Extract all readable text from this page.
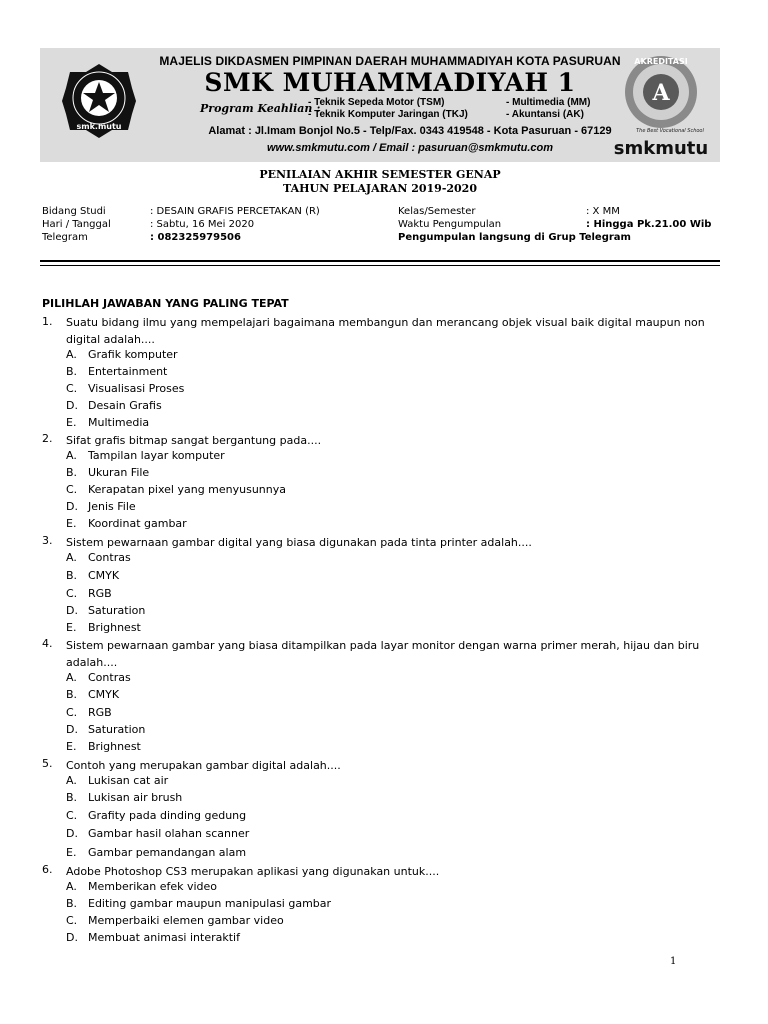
smk.mutu
MAJELIS DIKDASMEN PIMPINAN DAERAH MUHAMMADIYAH KOTA PASURUAN
SMK MUHAMMADIYAH 1
Program Keahlian :
- Teknik Sepeda Motor (TSM)
- Teknik Komputer Jaringan (TKJ)
- Multimedia (MM)
- Akuntansi (AK)
Alamat : Jl.Imam Bonjol No.5 - Telp/Fax. 0343 419548 - Kota Pasuruan - 67129
www.smkmutu.com / Email : pasuruan@smkmutu.com
A
AKREDITASI
The Best Vocational School
smkmutu
PENILAIAN AKHIR SEMESTER GENAP
TAHUN PELAJARAN 2019-2020
Bidang Studi	: DESAIN GRAFIS PERCETAKAN (R)
Hari / Tanggal	: Sabtu, 16 Mei 2020
Telegram	: 082325979506
Kelas/Semester	: X MM
Waktu Pengumpulan	: Hingga Pk.21.00 Wib
Pengumpulan langsung di Grup Telegram
PILIHLAH JAWABAN YANG PALING TEPAT
1. Suatu bidang ilmu yang mempelajari bagaimana membangun dan merancang objek visual baik digital maupun non digital adalah....
A. Grafik komputer
B. Entertainment
C. Visualisasi Proses
D. Desain Grafis
E. Multimedia
2. Sifat grafis bitmap sangat bergantung pada....
A. Tampilan layar komputer
B. Ukuran File
C. Kerapatan pixel yang menyusunnya
D. Jenis File
E. Koordinat gambar
3. Sistem pewarnaan gambar digital yang biasa digunakan pada tinta printer adalah....
A. Contras
B. CMYK
C. RGB
D. Saturation
E. Brighnest
4. Sistem pewarnaan gambar yang biasa ditampilkan pada layar monitor dengan warna primer merah, hijau dan biru adalah....
A. Contras
B. CMYK
C. RGB
D. Saturation
E. Brighnest
5. Contoh yang merupakan gambar digital adalah....
A. Lukisan cat air
B. Lukisan air brush
C. Grafity pada dinding gedung
D. Gambar hasil olahan scanner
E. Gambar pemandangan alam
6. Adobe Photoshop CS3 merupakan aplikasi yang digunakan untuk....
A. Memberikan efek video
B. Editing gambar maupun manipulasi gambar
C. Memperbaiki elemen gambar video
D. Membuat animasi interaktif
1
